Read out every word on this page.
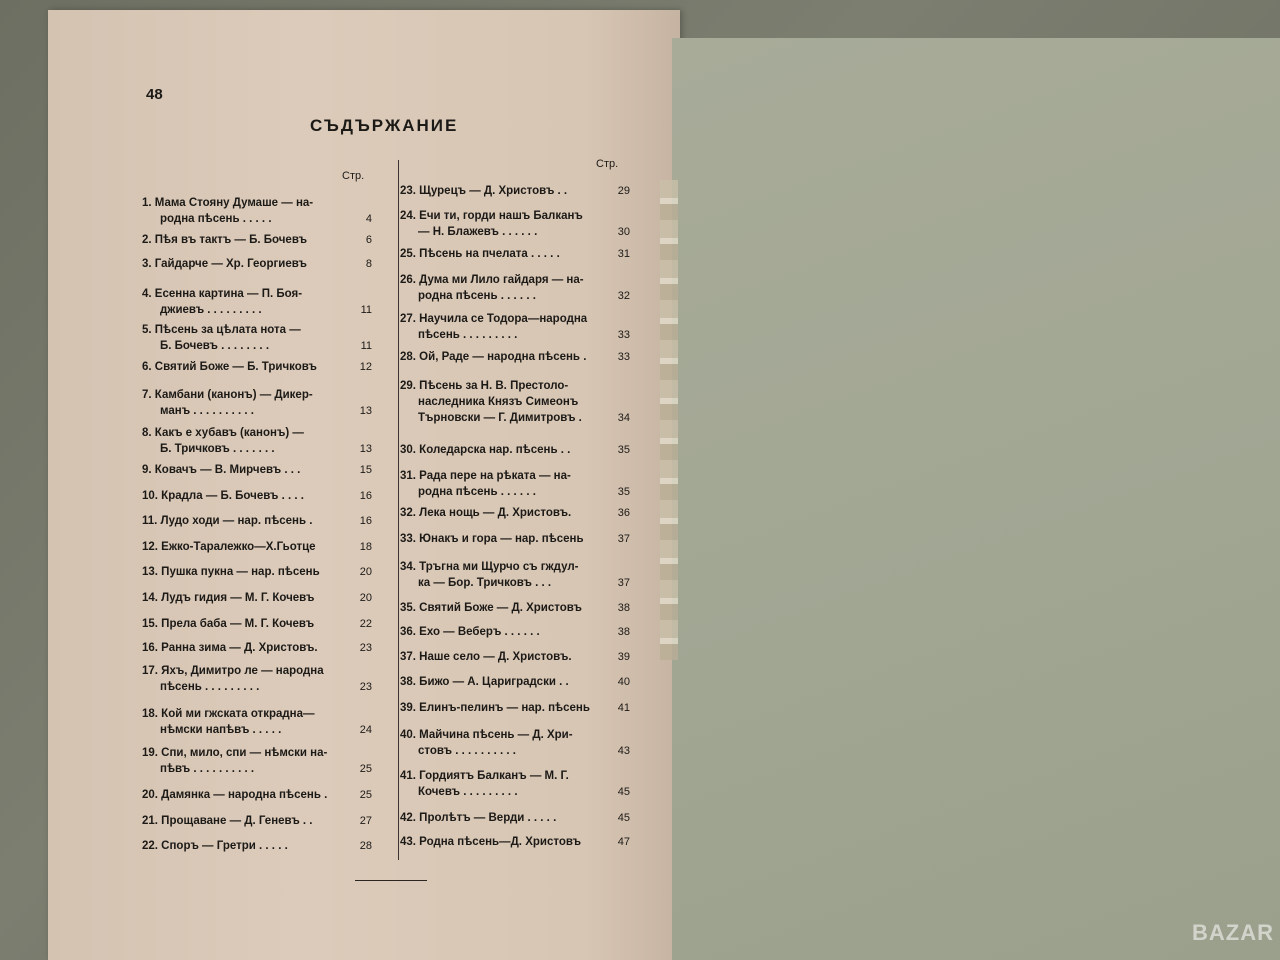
48
СЪДЪРЖАНИЕ
Стр.
Стр.
1. Мама Стояну Думаше — на-
родна пѣсень . . . . .	4
2. Пѣя въ тактъ — Б. Бочевъ	6
3. Гайдарче — Хр. Георгиевъ	8
4. Есенна картина — П. Боя-
джиевъ . . . . . . . . .	11
5. Пѣсень за цѣлата нота —
Б. Бочевъ . . . . . . . .	11
6. Святий Боже — Б. Тричковъ	12
7. Камбани (канонъ) — Дикер-
манъ . . . . . . . . . .	13
8. Какъ е хубавъ (канонъ) —
Б. Тричковъ . . . . . . .	13
9. Ковачъ — В. Мирчевъ . . .	15
10. Крадла — Б. Бочевъ . . . .	16
11. Лудо ходи — нар. пѣсень .	16
12. Ежко-Таралежко—Х.Гьотце	18
13. Пушка пукна — нар. пѣсень	20
14. Лудъ гидия — М. Г. Кочевъ	20
15. Прела баба — М. Г. Кочевъ	22
16. Ранна зима — Д. Христовъ.	23
17. Яхъ, Димитро ле — народна
пѣсень . . . . . . . . .	23
18. Кой ми гжската открадна—
нѣмски напѣвъ . . . . .	24
19. Спи, мило, спи — нѣмски на-
пѣвъ . . . . . . . . . .	25
20. Дамянка — народна пѣсень .	25
21. Прощаване — Д. Геневъ . .	27
22. Споръ — Гретри . . . . .	28
23. Щурецъ — Д. Христовъ . .	29
24. Ечи ти, горди нашъ Балканъ
— Н. Блажевъ . . . . . .	30
25. Пѣсень на пчелата . . . . .	31
26. Дума ми Лило гайдаря — на-
родна пѣсень . . . . . .	32
27. Научила се Тодора—народна
пѣсень . . . . . . . . .	33
28. Ой, Раде — народна пѣсень .	33
29. Пѣсень за Н. В. Престоло-
наследника Князъ Симеонъ
Търновски — Г. Димитровъ .	34
30. Коледарска нар. пѣсень . .	35
31. Рада пере на рѣката — на-
родна пѣсень . . . . . .	35
32. Лека нощь — Д. Христовъ.	36
33. Юнакъ и гора — нар. пѣсень	37
34. Тръгна ми Щурчо съ гждул-
ка — Бор. Тричковъ . . .	37
35. Святий Боже — Д. Христовъ	38
36. Ехо — Веберъ . . . . . .	38
37. Наше село — Д. Христовъ.	39
38. Бижо — А. Цариградски . .	40
39. Елинъ-пелинъ — нар. пѣсень	41
40. Майчина пѣсень — Д. Хри-
стовъ . . . . . . . . . .	43
41. Гордиятъ Балканъ — М. Г.
Кочевъ . . . . . . . . .	45
42. Пролѣтъ — Верди . . . . .	45
43. Родна пѣсень—Д. Христовъ	47
BAZAR
